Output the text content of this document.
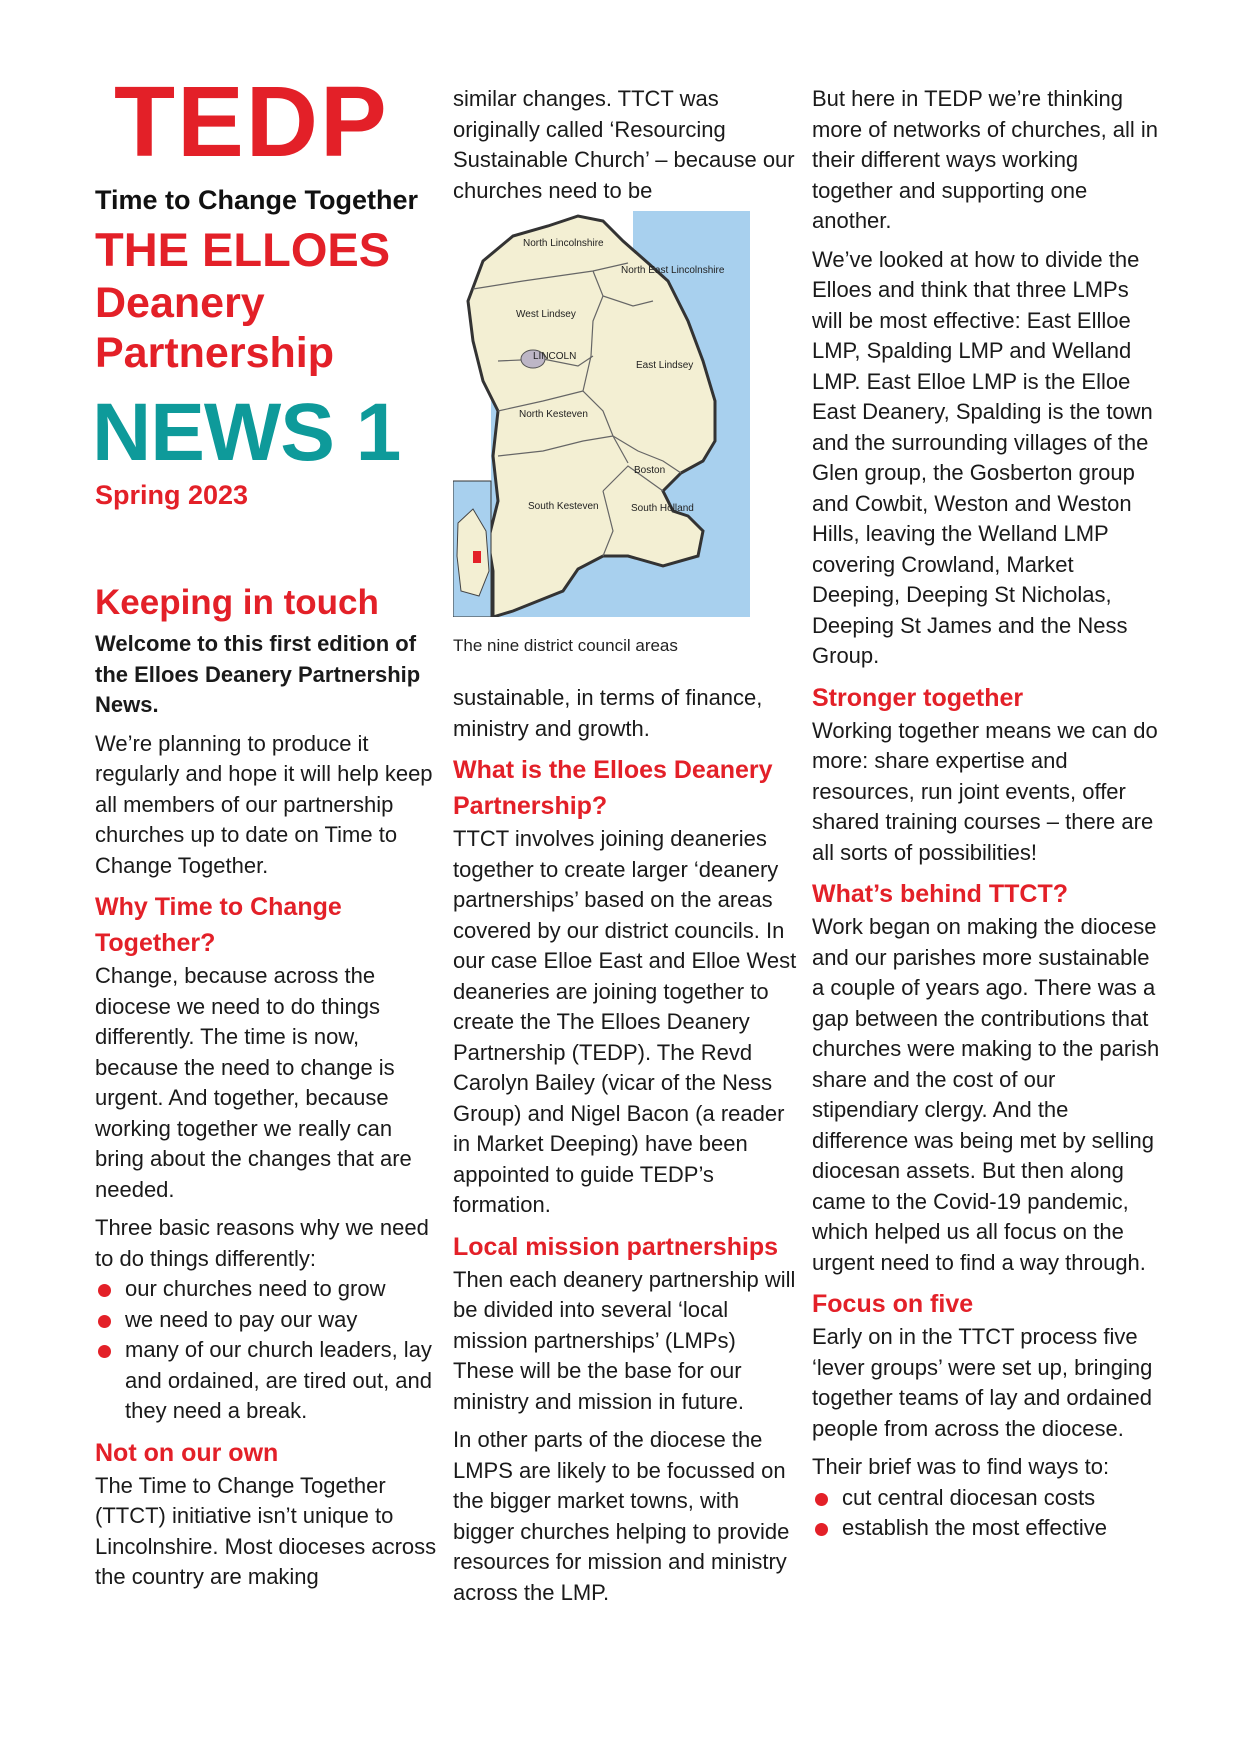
TEDP
Time to Change Together
THE ELLOES
Deanery
Partnership
NEWS 1
Spring 2023
Keeping in touch

Welcome to this first edition of the Elloes Deanery Partnership News.

We’re planning to produce it regularly and hope it will help keep all members of our partnership churches up to date on Time to Change Together.

Why Time to Change Together?

Change, because across the diocese we need to do things differently. The time is now, because the need to change is urgent. And together, because working together we really can bring about the changes that are needed.

Three basic reasons why we need to do things differently:

our churches need to grow
we need to pay our way
many of our church leaders, lay and ordained, are tired out, and they need a break.
Not on our own

The Time to Change Together (TTCT) initiative isn’t unique to Lincolnshire. Most dioceses across the country are making

similar changes. TTCT was originally called ‘Resourcing Sustainable Church’ – because our churches need to be

North Lincolnshire
North East Lincolnshire
West Lindsey
LINCOLN
East Lindsey
North Kesteven
Boston
South Kesteven	South Holland
The nine district council areas

sustainable, in terms of finance, ministry and growth.

What is the Elloes Deanery Partnership?

TTCT involves joining deaneries together to create larger ‘deanery partnerships’ based on the areas covered by our district councils. In our case Elloe East and Elloe West deaneries are joining together to create the The Elloes Deanery Partnership (TEDP). The Revd Carolyn Bailey (vicar of the Ness Group) and Nigel Bacon (a reader in Market Deeping) have been appointed to guide TEDP’s formation.

Local mission partnerships

Then each deanery partnership will be divided into several ‘local mission partnerships’ (LMPs) These will be the base for our ministry and mission in future.

In other parts of the diocese the LMPS are likely to be focussed on the bigger market towns, with bigger churches helping to provide resources for mission and ministry across the LMP.

But here in TEDP we’re thinking more of networks of churches, all in their different ways working together and supporting one another.

We’ve looked at how to divide the Elloes and think that three LMPs will be most effective: East Ellloe LMP, Spalding LMP and Welland LMP. East Elloe LMP is the Elloe East Deanery, Spalding is the town and the surrounding villages of the Glen group, the Gosberton group and Cowbit, Weston and Weston Hills, leaving the Welland LMP covering Crowland, Market Deeping, Deeping St Nicholas, Deeping St James and the Ness Group.

Stronger together

Working together means we can do more: share expertise and resources, run joint events, offer shared training courses – there are all sorts of possibilities!

What’s behind TTCT?

Work began on making the diocese and our parishes more sustainable a couple of years ago. There was a gap between the contributions that churches were making to the parish share and the cost of our stipendiary clergy. And the difference was being met by selling diocesan assets. But then along came to the Covid-19 pandemic, which helped us all focus on the urgent need to find a way through.

Focus on five

Early on in the TTCT process five ‘lever groups’ were set up, bringing together teams of lay and ordained people from across the diocese.

Their brief was to find ways to:

cut central diocesan costs
establish the most effective
